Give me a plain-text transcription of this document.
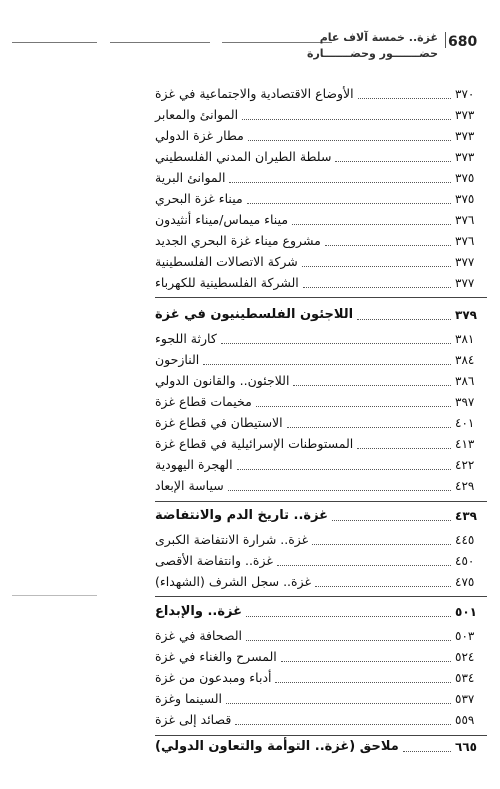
680
غزة.. خمسة آلاف عام
حضـــــــور وحضـــــــارة
الأوضاع الاقتصادية والاجتماعية في غزة	٣٧٠
الموانئ والمعابر	٣٧٣
مطار غزة الدولي	٣٧٣
سلطة الطيران المدني الفلسطيني	٣٧٣
الموانئ البرية	٣٧٥
ميناء غزة البحري	٣٧٥
ميناء ميماس/ميناء أنثيدون	٣٧٦
مشروع ميناء غزة البحري الجديد	٣٧٦
شركة الاتصالات الفلسطينية	٣٧٧
الشركة الفلسطينية للكهرباء	٣٧٧
اللاجئون الفلسطينيون في غزة	٣٧٩
كارثة اللجوء	٣٨١
النازحون	٣٨٤
اللاجئون.. والقانون الدولي	٣٨٦
مخيمات قطاع غزة	٣٩٧
الاستيطان في قطاع غزة	٤٠١
المستوطنات الإسرائيلية في قطاع غزة	٤١٣
الهجرة اليهودية	٤٢٢
سياسة الإبعاد	٤٢٩
غزة.. تاريخ الدم والانتفاضة	٤٣٩
غزة.. شرارة الانتفاضة الكبرى	٤٤٥
غزة.. وانتفاضة الأقصى	٤٥٠
غزة.. سجل الشرف (الشهداء)	٤٧٥
غزة.. والإبداع	٥٠١
الصحافة في غزة	٥٠٣
المسرح والغناء في غزة	٥٢٤
أدباء ومبدعون من غزة	٥٣٤
السينما وغزة	٥٣٧
قصائد إلى غزة	٥٥٩
ملاحق (غزة.. التوأمة والتعاون الدولي)	٦٦٥
